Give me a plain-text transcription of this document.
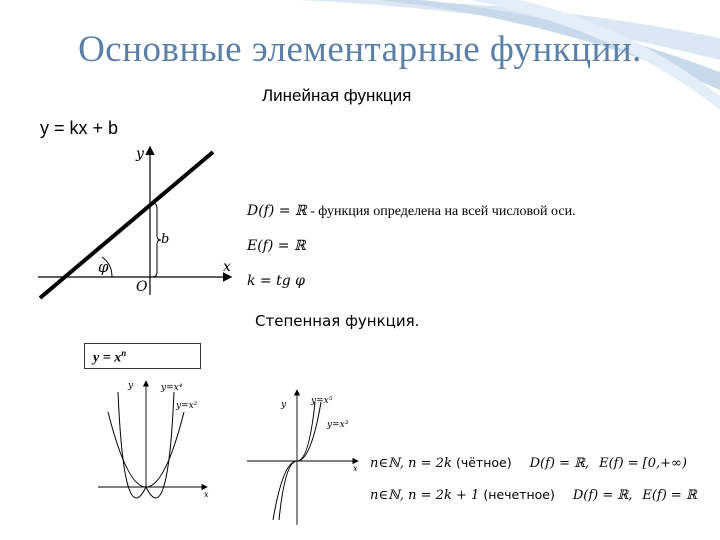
Основные элементарные функции.
Линейная функция
y = kx + b
y
x
b
φ
O
D(f) = ℝ - функция определена на всей числовой оси.
E(f) = ℝ
k = tg φ
Степенная функция.
$y = x^n$
y	y=x⁴
y=x²
x
y	y=x⁵
y=x³
x n∈ℕ, n = 2k (чётное) D(f) = ℝ, E(f) = [0,+∞)
n∈ℕ, n = 2k + 1 (нечетное) D(f) = ℝ, E(f) = ℝ
